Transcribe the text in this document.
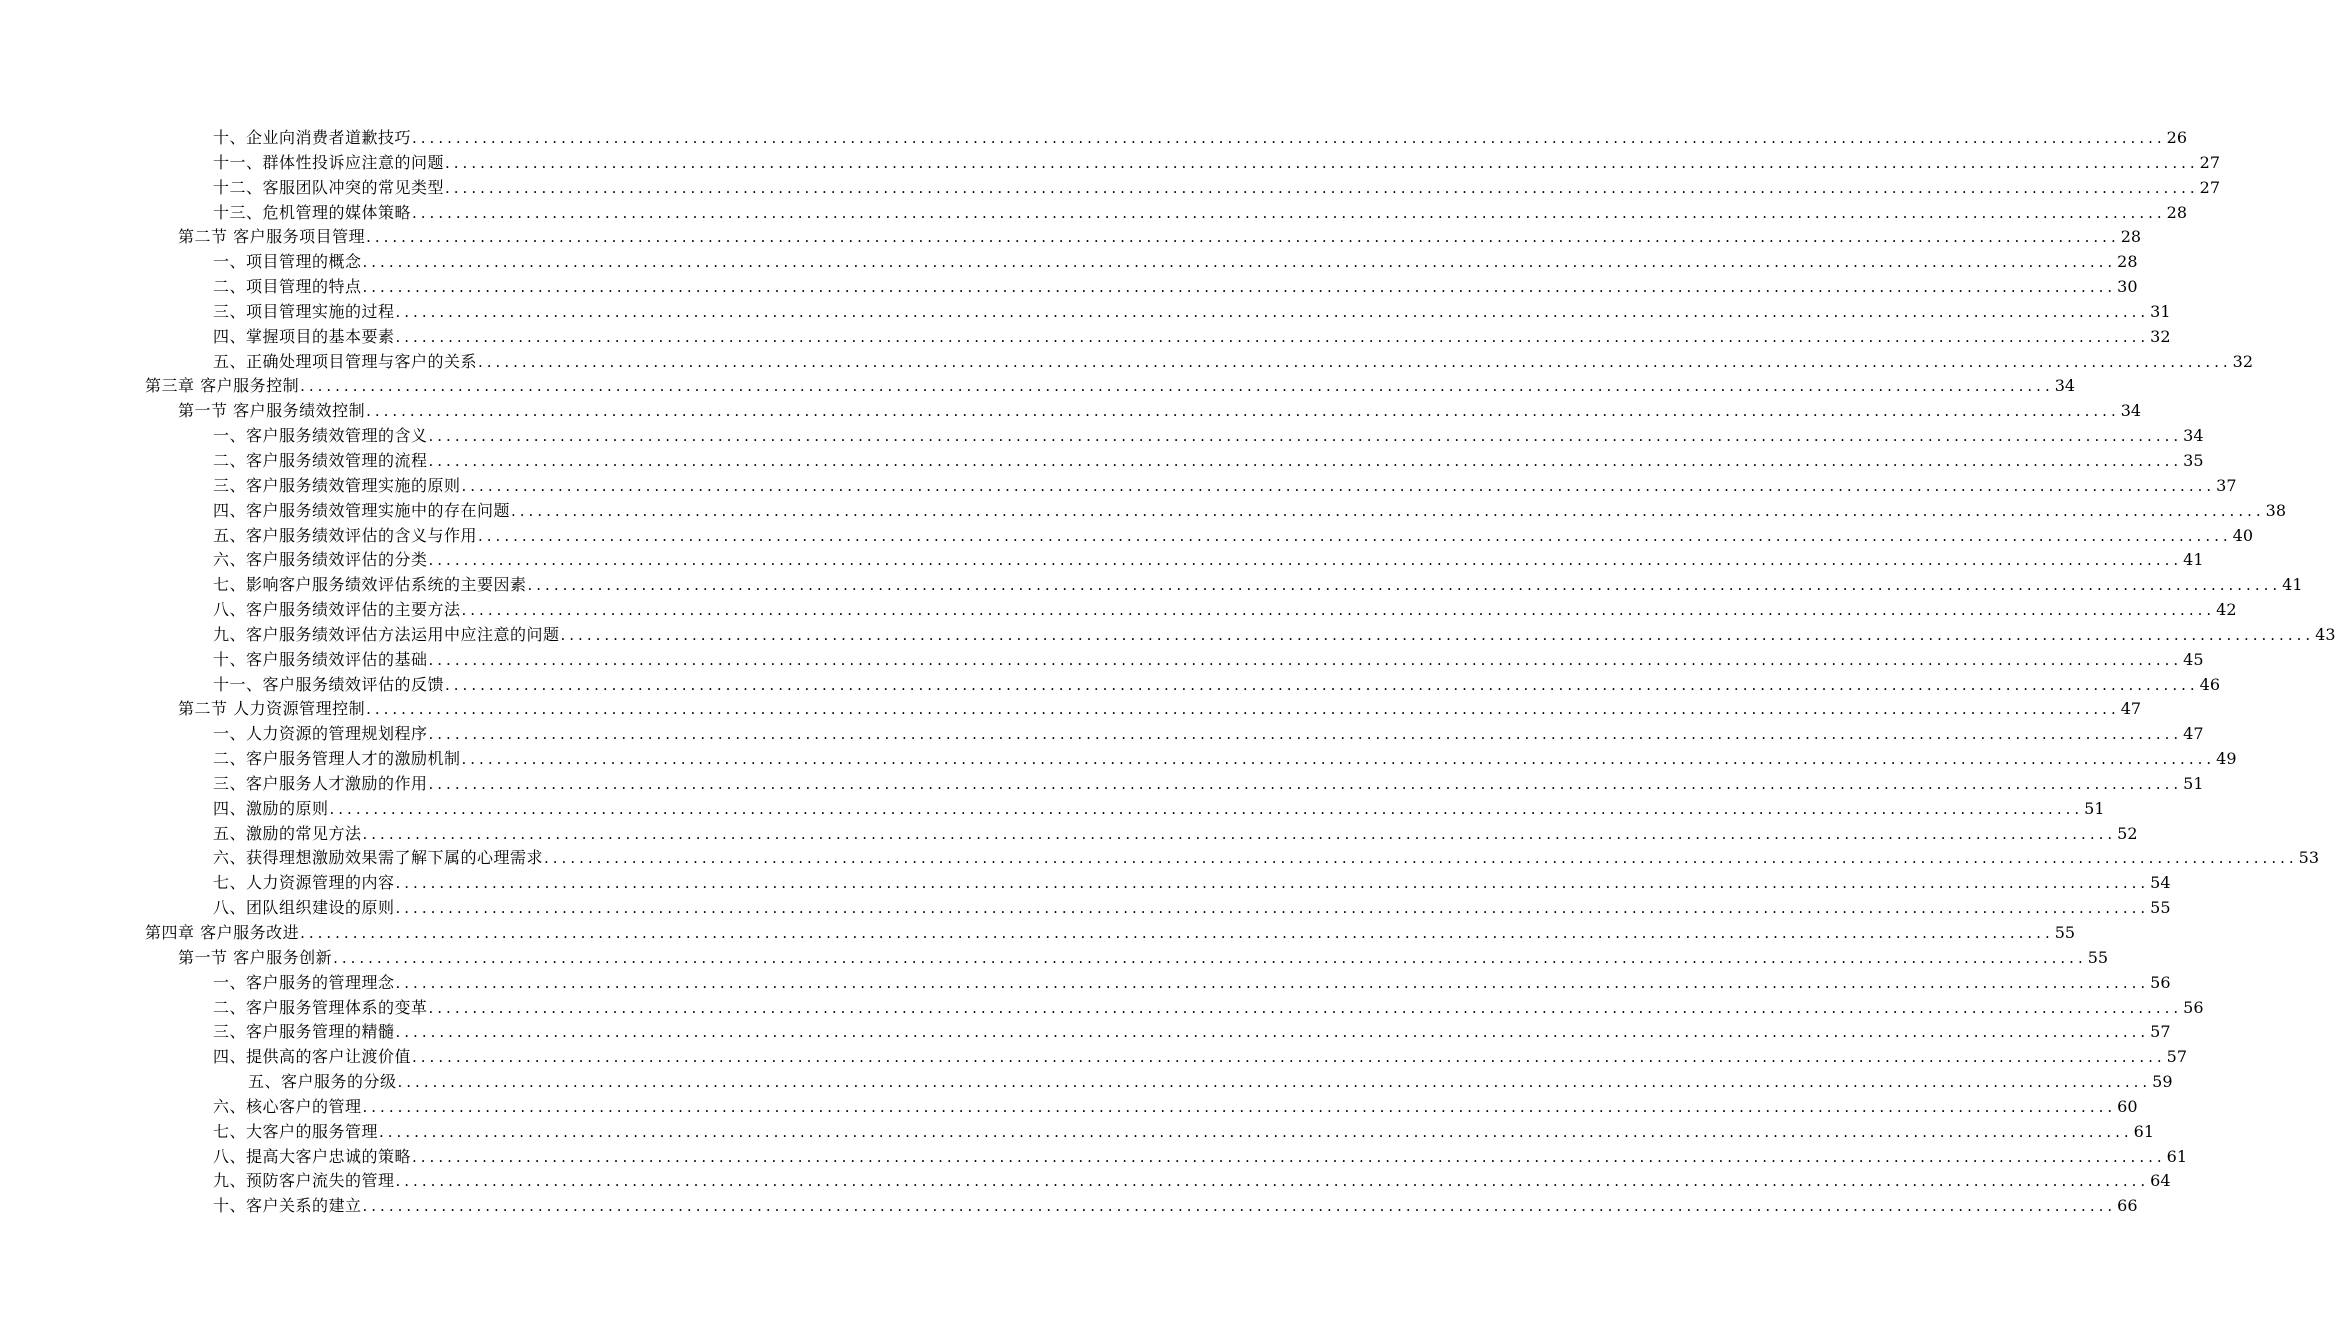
十、企业向消费者道歉技巧 ........................................................................................................................................................................................................ 26
十一、群体性投诉应注意的问题 ........................................................................................................................................................................................................ 27
十二、客服团队冲突的常见类型 ........................................................................................................................................................................................................ 27
十三、危机管理的媒体策略 ........................................................................................................................................................................................................ 28
第二节 客户服务项目管理 ........................................................................................................................................................................................................ 28
一、项目管理的概念 ........................................................................................................................................................................................................ 28
二、项目管理的特点 ........................................................................................................................................................................................................ 30
三、项目管理实施的过程 ........................................................................................................................................................................................................ 31
四、掌握项目的基本要素 ........................................................................................................................................................................................................ 32
五、正确处理项目管理与客户的关系 ........................................................................................................................................................................................................ 32
第三章 客户服务控制 ........................................................................................................................................................................................................ 34
第一节 客户服务绩效控制 ........................................................................................................................................................................................................ 34
一、客户服务绩效管理的含义 ........................................................................................................................................................................................................ 34
二、客户服务绩效管理的流程 ........................................................................................................................................................................................................ 35
三、客户服务绩效管理实施的原则 ........................................................................................................................................................................................................ 37
四、客户服务绩效管理实施中的存在问题 ........................................................................................................................................................................................................ 38
五、客户服务绩效评估的含义与作用 ........................................................................................................................................................................................................ 40
六、客户服务绩效评估的分类 ........................................................................................................................................................................................................ 41
七、影响客户服务绩效评估系统的主要因素 ........................................................................................................................................................................................................ 41
八、客户服务绩效评估的主要方法 ........................................................................................................................................................................................................ 42
九、客户服务绩效评估方法运用中应注意的问题 ........................................................................................................................................................................................................ 43
十、客户服务绩效评估的基础 ........................................................................................................................................................................................................ 45
十一、客户服务绩效评估的反馈 ........................................................................................................................................................................................................ 46
第二节 人力资源管理控制 ........................................................................................................................................................................................................ 47
一、人力资源的管理规划程序 ........................................................................................................................................................................................................ 47
二、客户服务管理人才的激励机制 ........................................................................................................................................................................................................ 49
三、客户服务人才激励的作用 ........................................................................................................................................................................................................ 51
四、激励的原则 ........................................................................................................................................................................................................ 51
五、激励的常见方法 ........................................................................................................................................................................................................ 52
六、获得理想激励效果需了解下属的心理需求 ........................................................................................................................................................................................................ 53
七、人力资源管理的内容 ........................................................................................................................................................................................................ 54
八、团队组织建设的原则 ........................................................................................................................................................................................................ 55
第四章 客户服务改进 ........................................................................................................................................................................................................ 55
第一节 客户服务创新 ........................................................................................................................................................................................................ 55
一、客户服务的管理理念 ........................................................................................................................................................................................................ 56
二、客户服务管理体系的变革 ........................................................................................................................................................................................................ 56
三、客户服务管理的精髓 ........................................................................................................................................................................................................ 57
四、提供高的客户让渡价值 ........................................................................................................................................................................................................ 57
五、客户服务的分级 ........................................................................................................................................................................................................ 59
六、核心客户的管理 ........................................................................................................................................................................................................ 60
七、大客户的服务管理 ........................................................................................................................................................................................................ 61
八、提高大客户忠诚的策略 ........................................................................................................................................................................................................ 61
九、预防客户流失的管理 ........................................................................................................................................................................................................ 64
十、客户关系的建立 ........................................................................................................................................................................................................ 66
